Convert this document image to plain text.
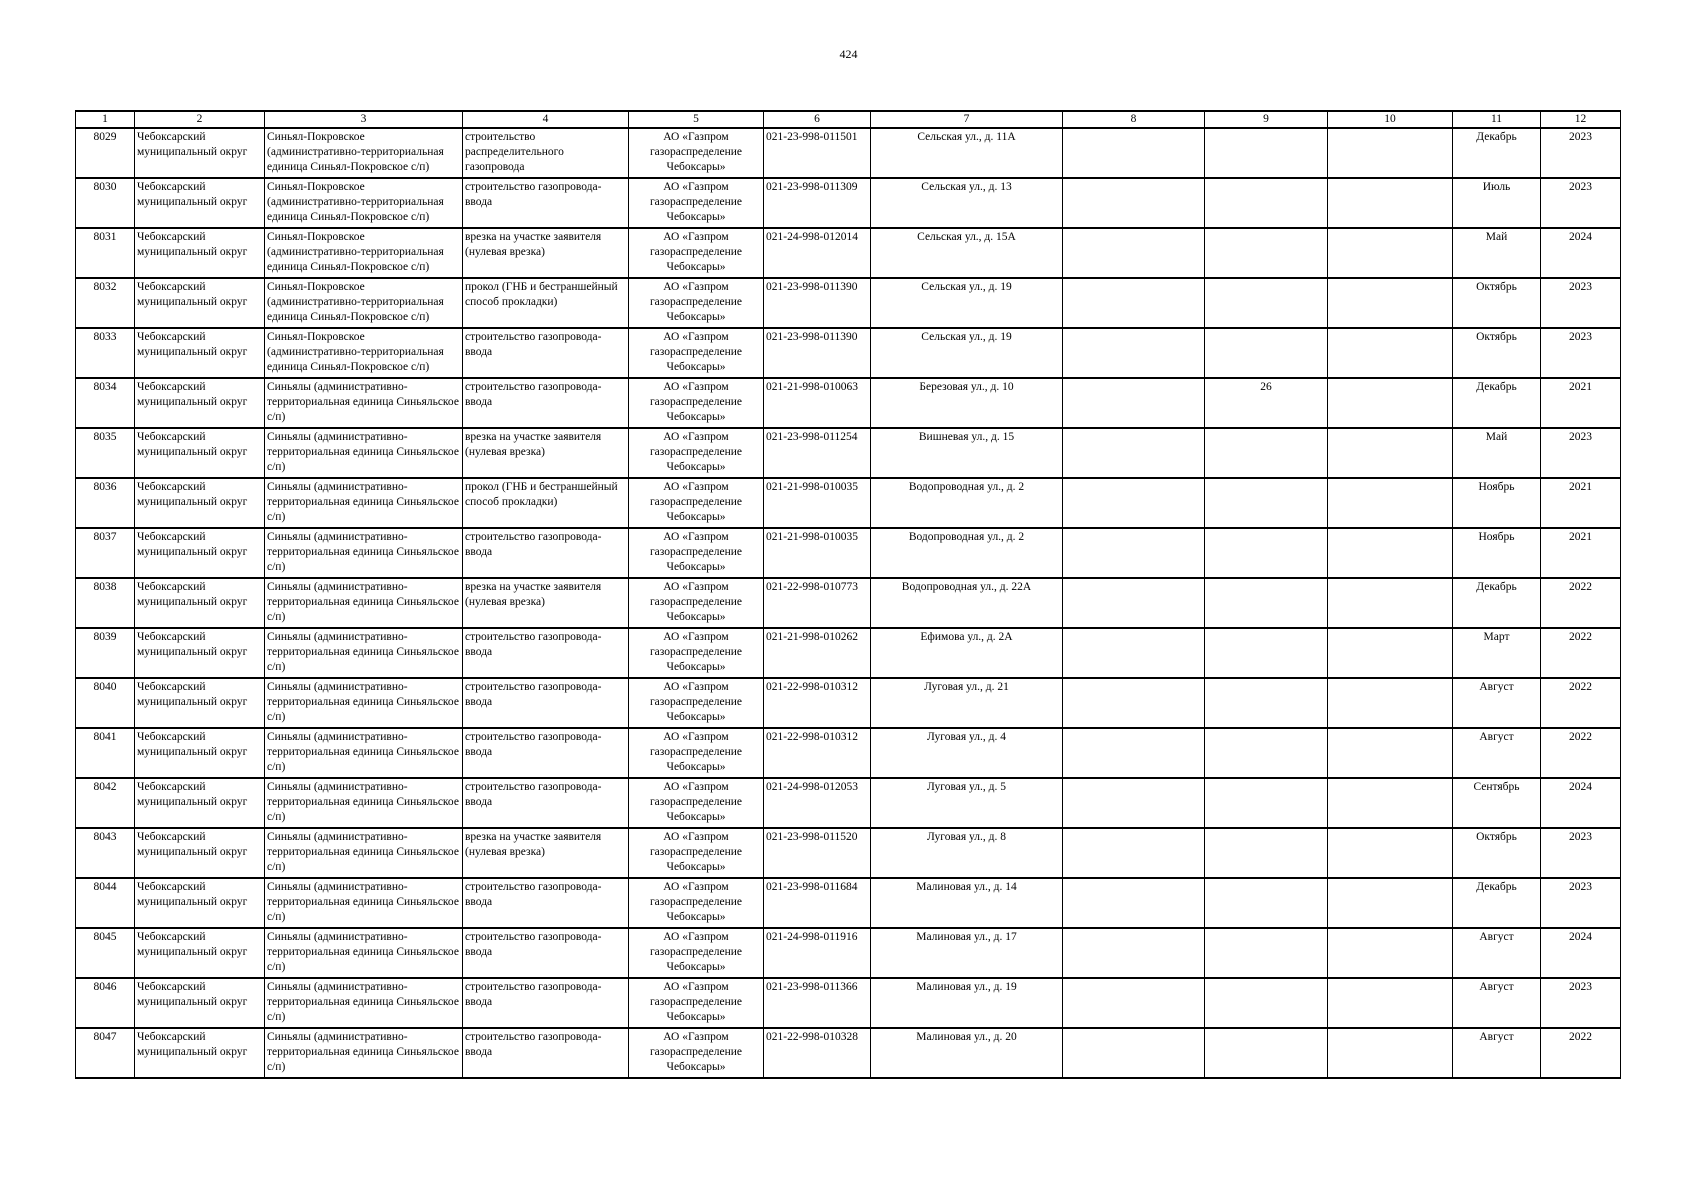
424
1	2	3	4	5	6	7	8	9	10	11	12
8029	Чебоксарский муниципальный округ	Синьял-Покровское (административно-территориальная единица Синьял-Покровское с/п)	строительство распределительного газопровода	АО «Газпром газораспределение Чебоксары»	021-23-998-011501	Сельская ул., д. 11А				Декабрь	2023
8030	Чебоксарский муниципальный округ	Синьял-Покровское (административно-территориальная единица Синьял-Покровское с/п)	строительство газопровода-ввода	АО «Газпром газораспределение Чебоксары»	021-23-998-011309	Сельская ул., д. 13				Июль	2023
8031	Чебоксарский муниципальный округ	Синьял-Покровское (административно-территориальная единица Синьял-Покровское с/п)	врезка на участке заявителя (нулевая врезка)	АО «Газпром газораспределение Чебоксары»	021-24-998-012014	Сельская ул., д. 15А				Май	2024
8032	Чебоксарский муниципальный округ	Синьял-Покровское (административно-территориальная единица Синьял-Покровское с/п)	прокол (ГНБ и бестраншейный способ прокладки)	АО «Газпром газораспределение Чебоксары»	021-23-998-011390	Сельская ул., д. 19				Октябрь	2023
8033	Чебоксарский муниципальный округ	Синьял-Покровское (административно-территориальная единица Синьял-Покровское с/п)	строительство газопровода-ввода	АО «Газпром газораспределение Чебоксары»	021-23-998-011390	Сельская ул., д. 19				Октябрь	2023
8034	Чебоксарский муниципальный округ	Синьялы (административно-территориальная единица Синьяльское с/п)	строительство газопровода-ввода	АО «Газпром газораспределение Чебоксары»	021-21-998-010063	Березовая ул., д. 10		26		Декабрь	2021
8035	Чебоксарский муниципальный округ	Синьялы (административно-территориальная единица Синьяльское с/п)	врезка на участке заявителя (нулевая врезка)	АО «Газпром газораспределение Чебоксары»	021-23-998-011254	Вишневая ул., д. 15				Май	2023
8036	Чебоксарский муниципальный округ	Синьялы (административно-территориальная единица Синьяльское с/п)	прокол (ГНБ и бестраншейный способ прокладки)	АО «Газпром газораспределение Чебоксары»	021-21-998-010035	Водопроводная ул., д. 2				Ноябрь	2021
8037	Чебоксарский муниципальный округ	Синьялы (административно-территориальная единица Синьяльское с/п)	строительство газопровода-ввода	АО «Газпром газораспределение Чебоксары»	021-21-998-010035	Водопроводная ул., д. 2				Ноябрь	2021
8038	Чебоксарский муниципальный округ	Синьялы (административно-территориальная единица Синьяльское с/п)	врезка на участке заявителя (нулевая врезка)	АО «Газпром газораспределение Чебоксары»	021-22-998-010773	Водопроводная ул., д. 22А				Декабрь	2022
8039	Чебоксарский муниципальный округ	Синьялы (административно-территориальная единица Синьяльское с/п)	строительство газопровода-ввода	АО «Газпром газораспределение Чебоксары»	021-21-998-010262	Ефимова ул., д. 2А				Март	2022
8040	Чебоксарский муниципальный округ	Синьялы (административно-территориальная единица Синьяльское с/п)	строительство газопровода-ввода	АО «Газпром газораспределение Чебоксары»	021-22-998-010312	Луговая ул., д. 21				Август	2022
8041	Чебоксарский муниципальный округ	Синьялы (административно-территориальная единица Синьяльское с/п)	строительство газопровода-ввода	АО «Газпром газораспределение Чебоксары»	021-22-998-010312	Луговая ул., д. 4				Август	2022
8042	Чебоксарский муниципальный округ	Синьялы (административно-территориальная единица Синьяльское с/п)	строительство газопровода-ввода	АО «Газпром газораспределение Чебоксары»	021-24-998-012053	Луговая ул., д. 5				Сентябрь	2024
8043	Чебоксарский муниципальный округ	Синьялы (административно-территориальная единица Синьяльское с/п)	врезка на участке заявителя (нулевая врезка)	АО «Газпром газораспределение Чебоксары»	021-23-998-011520	Луговая ул., д. 8				Октябрь	2023
8044	Чебоксарский муниципальный округ	Синьялы (административно-территориальная единица Синьяльское с/п)	строительство газопровода-ввода	АО «Газпром газораспределение Чебоксары»	021-23-998-011684	Малиновая ул., д. 14				Декабрь	2023
8045	Чебоксарский муниципальный округ	Синьялы (административно-территориальная единица Синьяльское с/п)	строительство газопровода-ввода	АО «Газпром газораспределение Чебоксары»	021-24-998-011916	Малиновая ул., д. 17				Август	2024
8046	Чебоксарский муниципальный округ	Синьялы (административно-территориальная единица Синьяльское с/п)	строительство газопровода-ввода	АО «Газпром газораспределение Чебоксары»	021-23-998-011366	Малиновая ул., д. 19				Август	2023
8047	Чебоксарский муниципальный округ	Синьялы (административно-территориальная единица Синьяльское с/п)	строительство газопровода-ввода	АО «Газпром газораспределение Чебоксары»	021-22-998-010328	Малиновая ул., д. 20				Август	2022
